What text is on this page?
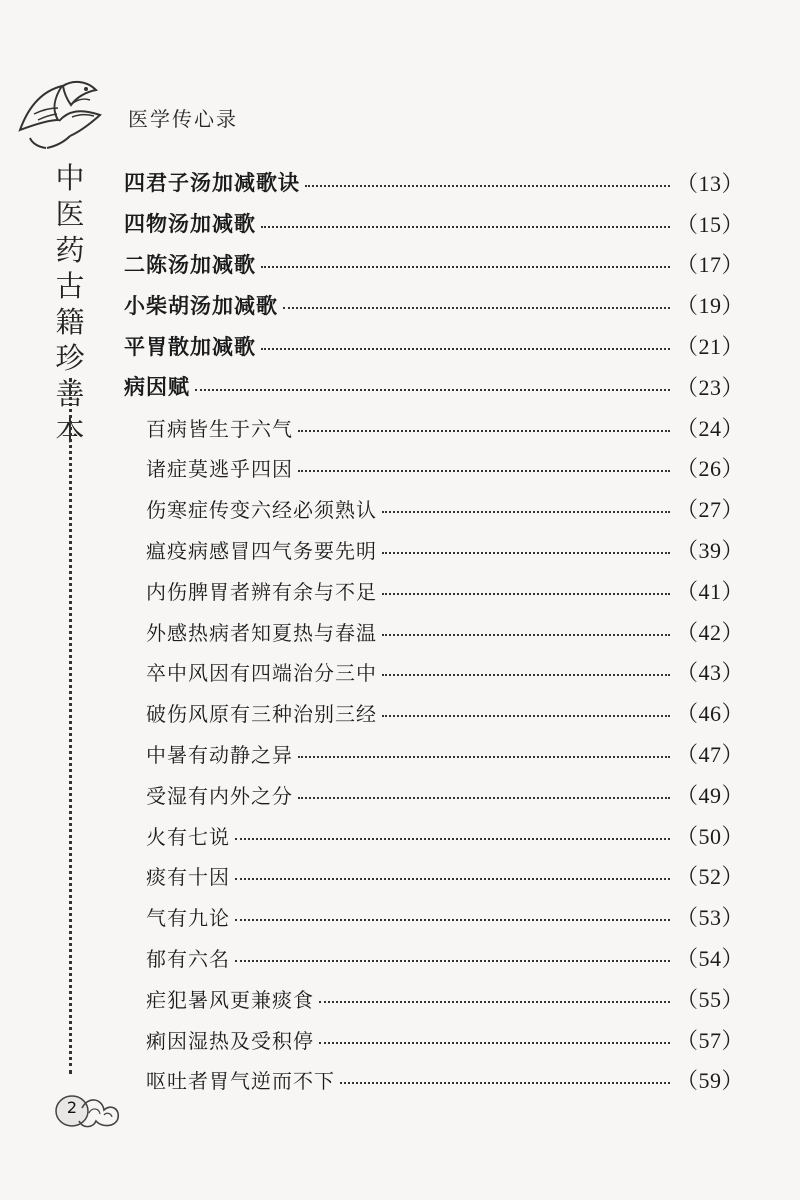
医学传心录
中
医
药
古
籍
珍
善
本
四君子汤加减歌诀	（13）
四物汤加减歌	（15）
二陈汤加减歌	（17）
小柴胡汤加减歌	（19）
平胃散加减歌	（21）
病因赋	（23）
百病皆生于六气	（24）
诸症莫逃乎四因	（26）
伤寒症传变六经必须熟认	（27）
瘟疫病感冒四气务要先明	（39）
内伤脾胃者辨有余与不足	（41）
外感热病者知夏热与春温	（42）
卒中风因有四端治分三中	（43）
破伤风原有三种治别三经	（46）
中暑有动静之异	（47）
受湿有内外之分	（49）
火有七说	（50）
痰有十因	（52）
气有九论	（53）
郁有六名	（54）
疟犯暑风更兼痰食	（55）
痢因湿热及受积停	（57）
呕吐者胃气逆而不下	（59）
2
